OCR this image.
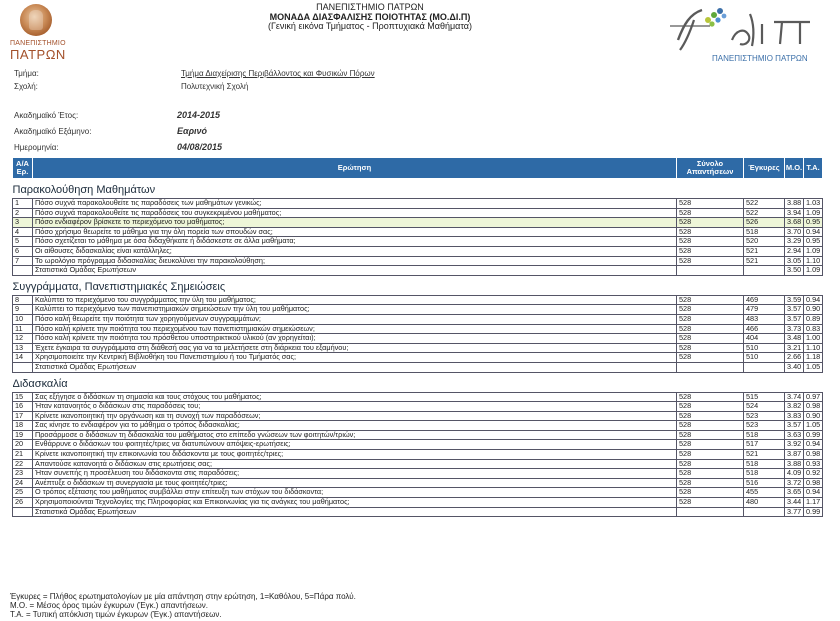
ΠΑΝΕΠΙΣΤΗΜΙΟ
ΠΑΤΡΩΝ
ΠΑΝΕΠΙΣΤΗΜΙΟ ΠΑΤΡΩΝ
ΜΟΝΑΔΑ ΔΙΑΣΦΑΛΙΣΗΣ ΠΟΙΟΤΗΤΑΣ (ΜΟ.ΔΙ.Π)
(Γενική εικόνα Τμήματος - Προπτυχιακά Μαθήματα)
ΠΑΝΕΠΙΣΤΗΜΙΟ ΠΑΤΡΩΝ
Τμήμα:	Τμήμα Διαχείρισης Περιβάλλοντος και Φυσικών Πόρων
Σχολή:	Πολυτεχνική Σχολή
Ακαδημαϊκό Έτος:	2014-2015
Ακαδημαϊκό Εξάμηνο:	Εαρινό
Ημερομηνία:	04/08/2015
Α/Α Ερ.	Ερώτηση	Σύνολο Απαντήσεων	Έγκυρες	Μ.Ο.	Τ.Α.
Παρακολούθηση Μαθημάτων					
1	Πόσο συχνά παρακολουθείτε τις παραδόσεις των μαθημάτων γενικώς;	528	522	3.88	1.03
2	Πόσο συχνά παρακολουθείτε τις παραδόσεις του συγκεκριμένου μαθήματος;	528	522	3.94	1.09
3	Πόσο ενδιαφέρον βρίσκετε το περιεχόμενο του μαθήματος;	528	526	3.68	0.95
4	Πόσο χρήσιμο θεωρείτε το μάθημα για την όλη πορεία των σπουδών σας;	528	518	3.70	0.94
5	Πόσο σχετίζεται το μάθημα με όσα διδαχθήκατε ή διδάσκεστε σε άλλα μαθήματα;	528	520	3.29	0.95
6	Οι αίθουσες διδασκαλίας είναι κατάλληλες;	528	521	2.94	1.09
7	Το ωρολόγιο πρόγραμμα διδασκαλίας διευκολύνει την παρακολούθηση;	528	521	3.05	1.10
	Στατιστικά Ομάδας Ερωτήσεων			3.50	1.09
Συγγράμματα, Πανεπιστημιακές Σημειώσεις					
8	Καλύπτει το περιεχόμενο του συγγράμματος την ύλη του μαθήματος;	528	469	3.59	0.94
9	Καλύπτει το περιεχόμενο των πανεπιστημιακών σημειώσεων την ύλη του μαθήματος;	528	479	3.57	0.90
10	Πόσο καλή θεωρείτε την ποιότητα των χορηγούμενων συγγραμμάτων;	528	483	3.57	0.89
11	Πόσο καλή κρίνετε την ποιότητα του περιεχομένου των πανεπιστημιακών σημειώσεων;	528	466	3.73	0.83
12	Πόσο καλή κρίνετε την ποιότητα του πρόσθετου υποστηρικτικού υλικού (αν χορηγείται);	528	404	3.48	1.00
13	Έχετε έγκαιρα τα συγγράμματα στη διάθεσή σας για να τα μελετήσετε στη διάρκεια του εξαμήνου;	528	510	3.21	1.10
14	Χρησιμοποιείτε την Κεντρική Βιβλιοθήκη του Πανεπιστημίου ή του Τμήματός σας;	528	510	2.66	1.18
	Στατιστικά Ομάδας Ερωτήσεων			3.40	1.05
Διδασκαλία					
15	Σας εξήγησε ο διδάσκων τη σημασία και τους στόχους του μαθήματος;	528	515	3.74	0.97
16	Ήταν κατανοητός ο διδάσκων στις παραδόσεις του;	528	524	3.82	0.98
17	Κρίνετε ικανοποιητική την οργάνωση και τη συνοχή των παραδόσεων;	528	523	3.83	0.90
18	Σας κίνησε το ενδιαφέρον για το μάθημα ο τρόπος διδασκαλίας;	528	523	3.57	1.05
19	Προσάρμοσε ο διδάσκων τη διδασκαλία του μαθήματος στο επίπεδο γνώσεων των φοιτητών/τριών;	528	518	3.63	0.99
20	Ενθάρρυνε ο διδάσκων του φοιτητές/τριες να διατυπώνουν απόψεις-ερωτήσεις;	528	517	3.92	0.94
21	Κρίνετε ικανοποιητική την επικοινωνία του διδάσκοντα με τους φοιτητές/τριες;	528	521	3.87	0.98
22	Απαντούσε κατανοητά ο διδάσκων στις ερωτήσεις σας;	528	518	3.88	0.93
23	Ήταν συνεπής η προσέλευση του διδάσκοντα στις παραδόσεις;	528	518	4.09	0.92
24	Ανέπτυξε ο διδάσκων τη συνεργασία με τους φοιτητές/τριες;	528	516	3.72	0.98
25	Ο τρόπος εξέτασης του μαθήματος συμβάλλει στην επίτευξη των στόχων του διδάσκοντα;	528	455	3.65	0.94
26	Χρησιμοποιούνται Τεχνολογίες της Πληροφορίας και Επικοινωνίας για τις ανάγκες του μαθήματος;	528	480	3.44	1.17
	Στατιστικά Ομάδας Ερωτήσεων			3.77	0.99
Έγκυρες = Πλήθος ερωτηματολογίων με μία απάντηση στην ερώτηση, 1=Καθόλου, 5=Πάρα πολύ.
Μ.Ο. = Μέσος όρος τιμών έγκυρων (Έγκ.) απαντήσεων.
Τ.Α. = Τυπική απόκλιση τιμών έγκυρων (Έγκ.) απαντήσεων.
